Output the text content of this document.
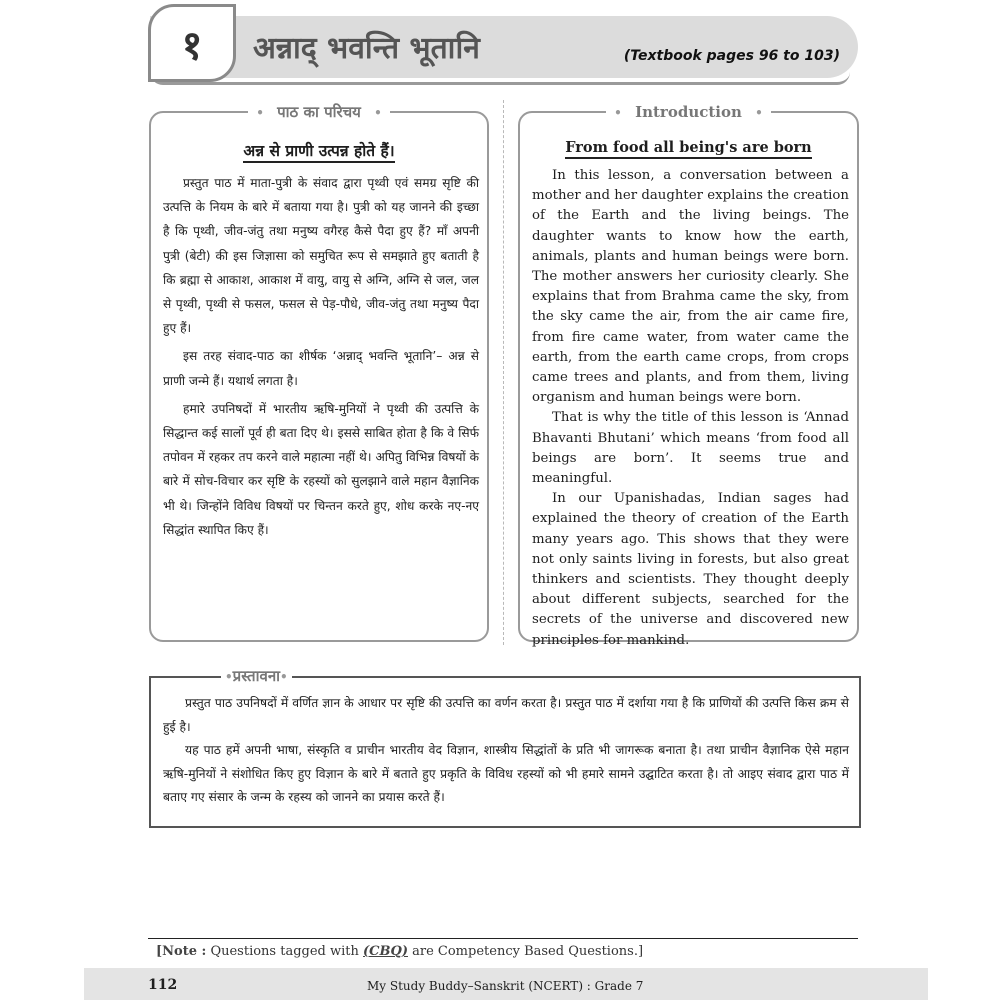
१	अन्नाद् भवन्ति भूतानि	(Textbook pages 96 to 103)
• पाठ का परिचय •
अन्न से प्राणी उत्पन्न होते हैं।

प्रस्तुत पाठ में माता-पुत्री के संवाद द्वारा पृथ्वी एवं समग्र सृष्टि की उत्पत्ति के नियम के बारे में बताया गया है। पुत्री को यह जानने की इच्छा है कि पृथ्वी, जीव-जंतु तथा मनुष्य वगैरह कैसे पैदा हुए हैं? माँ अपनी पुत्री (बेटी) की इस जिज्ञासा को समुचित रूप से समझाते हुए बताती है कि ब्रह्मा से आकाश, आकाश में वायु, वायु से अग्नि, अग्नि से जल, जल से पृथ्वी, पृथ्वी से फसल, फसल से पेड़-पौधे, जीव-जंतु तथा मनुष्य पैदा हुए हैं।

इस तरह संवाद-पाठ का शीर्षक ‘अन्नाद् भवन्ति भूतानि’– अन्न से प्राणी जन्मे हैं। यथार्थ लगता है।

हमारे उपनिषदों में भारतीय ऋषि-मुनियों ने पृथ्वी की उत्पत्ति के सिद्धान्त कई सालों पूर्व ही बता दिए थे। इससे साबित होता है कि वे सिर्फ तपोवन में रहकर तप करने वाले महात्मा नहीं थे। अपितु विभिन्न विषयों के बारे में सोच-विचार कर सृष्टि के रहस्यों को सुलझाने वाले महान वैज्ञानिक भी थे। जिन्होंने विविध विषयों पर चिन्तन करते हुए, शोध करके नए-नए सिद्धांत स्थापित किए हैं।

• Introduction •
From food all being's are born

In this lesson, a conversation between a mother and her daughter explains the creation of the Earth and the living beings. The daughter wants to know how the earth, animals, plants and human beings were born. The mother answers her curiosity clearly. She explains that from Brahma came the sky, from the sky came the air, from the air came fire, from fire came water, from water came the earth, from the earth came crops, from crops came trees and plants, and from them, living organism and human beings were born.

That is why the title of this lesson is ‘Annad Bhavanti Bhutani’ which means ‘from food all beings are born’. It seems true and meaningful.

In our Upanishadas, Indian sages had explained the theory of creation of the Earth many years ago. This shows that they were not only saints living in forests, but also great thinkers and scientists. They thought deeply about different subjects, searched for the secrets of the universe and discovered new principles for mankind.

•प्रस्तावना•

प्रस्तुत पाठ उपनिषदों में वर्णित ज्ञान के आधार पर सृष्टि की उत्पत्ति का वर्णन करता है। प्रस्तुत पाठ में दर्शाया गया है कि प्राणियों की उत्पत्ति किस क्रम से हुई है।

यह पाठ हमें अपनी भाषा, संस्कृति व प्राचीन भारतीय वेद विज्ञान, शास्त्रीय सिद्धांतों के प्रति भी जागरूक बनाता है। तथा प्राचीन वैज्ञानिक ऐसे महान ऋषि-मुनियों ने संशोधित किए हुए विज्ञान के बारे में बताते हुए प्रकृति के विविध रहस्यों को भी हमारे सामने उद्घाटित करता है। तो आइए संवाद द्वारा पाठ में बताए गए संसार के जन्म के रहस्य को जानने का प्रयास करते हैं।

[Note : Questions tagged with (CBQ) are Competency Based Questions.]
112	My Study Buddy–Sanskrit (NCERT) : Grade 7
